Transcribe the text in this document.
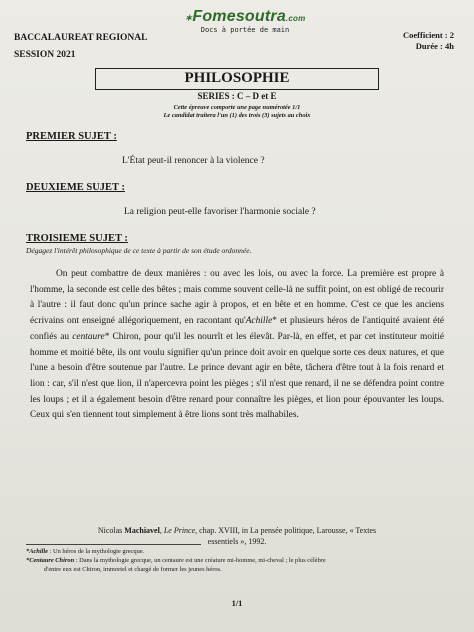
BACCALAUREAT REGIONAL
SESSION 2021
✶Fomesoutra.com
Docs à portée de main	Coefficient : 2
Durée : 4h
PHILOSOPHIE
SERIES : C – D et E
Cette épreuve comporte une page numérotée 1/1
Le candidat traitera l'un (1) des trois (3) sujets au choix
PREMIER SUJET :
L'État peut-il renoncer à la violence ?
DEUXIEME SUJET :
La religion peut-elle favoriser l'harmonie sociale ?
TROISIEME SUJET :
Dégagez l'intérêt philosophique de ce texte à partir de son étude ordonnée.

On peut combattre de deux manières : ou avec les lois, ou avec la force. La première est propre à l'homme, la seconde est celle des bêtes ; mais comme souvent celle-là ne suffit point, on est obligé de recourir à l'autre : il faut donc qu'un prince sache agir à propos, et en bête et en homme. C'est ce que les anciens écrivains ont enseigné allégoriquement, en racontant qu'Achille* et plusieurs héros de l'antiquité avaient été confiés au centaure* Chiron, pour qu'il les nourrît et les élevât. Par-là, en effet, et par cet instituteur moitié homme et moitié bête, ils ont voulu signifier qu'un prince doit avoir en quelque sorte ces deux natures, et que l'une a besoin d'être soutenue par l'autre. Le prince devant agir en bête, tâchera d'être tout à la fois renard et lion : car, s'il n'est que lion, il n'apercevra point les pièges ; s'il n'est que renard, il ne se défendra point contre les loups ; et il a également besoin d'être renard pour connaître les pièges, et lion pour épouvanter les loups. Ceux qui s'en tiennent tout simplement à être lions sont très malhabiles.

Nicolas Machiavel, Le Prince, chap. XVIII, in La pensée politique, Larousse, « Textes
essentiels », 1992.
*Achille : Un héros de la mythologie grecque.
*Centaure Chiron : Dans la mythologie grecque, un centaure est une créature mi-homme, mi-cheval ; le plus célèbre
d'entre eux est Chiron, immortel et chargé de former les jeunes héros.
1/1
